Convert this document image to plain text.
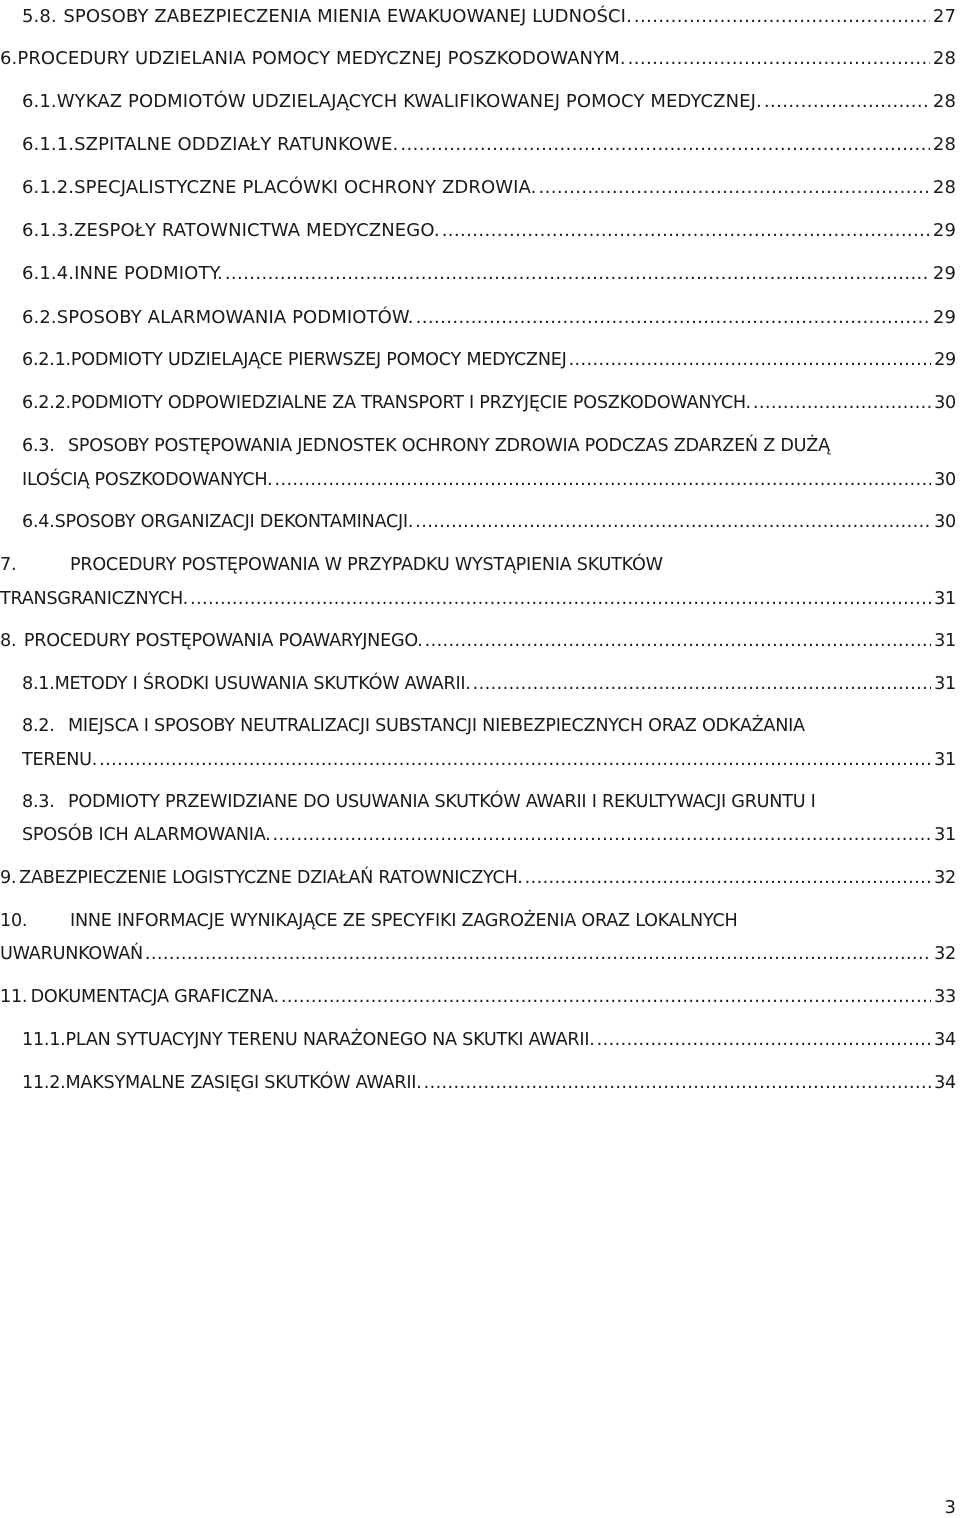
5.8. SPOSOBY ZABEZPIECZENIA MIENIA EWAKUOWANEJ LUDNOŚCI. .....	27
6. PROCEDURY UDZIELANIA POMOCY MEDYCZNEJ POSZKODOWANYM. .....	28
6.1. WYKAZ PODMIOTÓW UDZIELAJĄCYCH KWALIFIKOWANEJ POMOCY MEDYCZNEJ. .....	28
6.1.1. SZPITALNE ODDZIAŁY RATUNKOWE. .....	28
6.1.2. SPECJALISTYCZNE PLACÓWKI OCHRONY ZDROWIA. .....	28
6.1.3. ZESPOŁY RATOWNICTWA MEDYCZNEGO. .....	29
6.1.4. INNE PODMIOTY. .....	29
6.2. SPOSOBY ALARMOWANIA PODMIOTÓW. .....	29
6.2.1. PODMIOTY UDZIELAJĄCE PIERWSZEJ POMOCY MEDYCZNEJ .....	29
6.2.2. PODMIOTY ODPOWIEDZIALNE ZA TRANSPORT I PRZYJĘCIE POSZKODOWANYCH. .....	30
6.3. SPOSOBY POSTĘPOWANIA JEDNOSTEK OCHRONY ZDROWIA PODCZAS ZDARZEŃ Z DUŻĄ
ILOŚCIĄ POSZKODOWANYCH. .....	30
6.4. SPOSOBY ORGANIZACJI DEKONTAMINACJI. .....	30
7.	PROCEDURY POSTĘPOWANIA W PRZYPADKU WYSTĄPIENIA SKUTKÓW
TRANSGRANICZNYCH. .....	31
8. PROCEDURY POSTĘPOWANIA POAWARYJNEGO. .....	31
8.1. METODY I ŚRODKI USUWANIA SKUTKÓW AWARII. .....	31
8.2. MIEJSCA I SPOSOBY NEUTRALIZACJI SUBSTANCJI NIEBEZPIECZNYCH ORAZ ODKAŻANIA
TERENU. .....	31
8.3. PODMIOTY PRZEWIDZIANE DO USUWANIA SKUTKÓW AWARII I REKULTYWACJI GRUNTU I
SPOSÓB ICH ALARMOWANIA. .....	31
9. ZABEZPIECZENIE LOGISTYCZNE DZIAŁAŃ RATOWNICZYCH. .....	32
10.	INNE INFORMACJE WYNIKAJĄCE ZE SPECYFIKI ZAGROŻENIA ORAZ LOKALNYCH
UWARUNKOWAŃ .....	32
11. DOKUMENTACJA GRAFICZNA. .....	33
11.1. PLAN SYTUACYJNY TERENU NARAŻONEGO NA SKUTKI AWARII. .....	34
11.2. MAKSYMALNE ZASIĘGI SKUTKÓW AWARII. .....	34
3
